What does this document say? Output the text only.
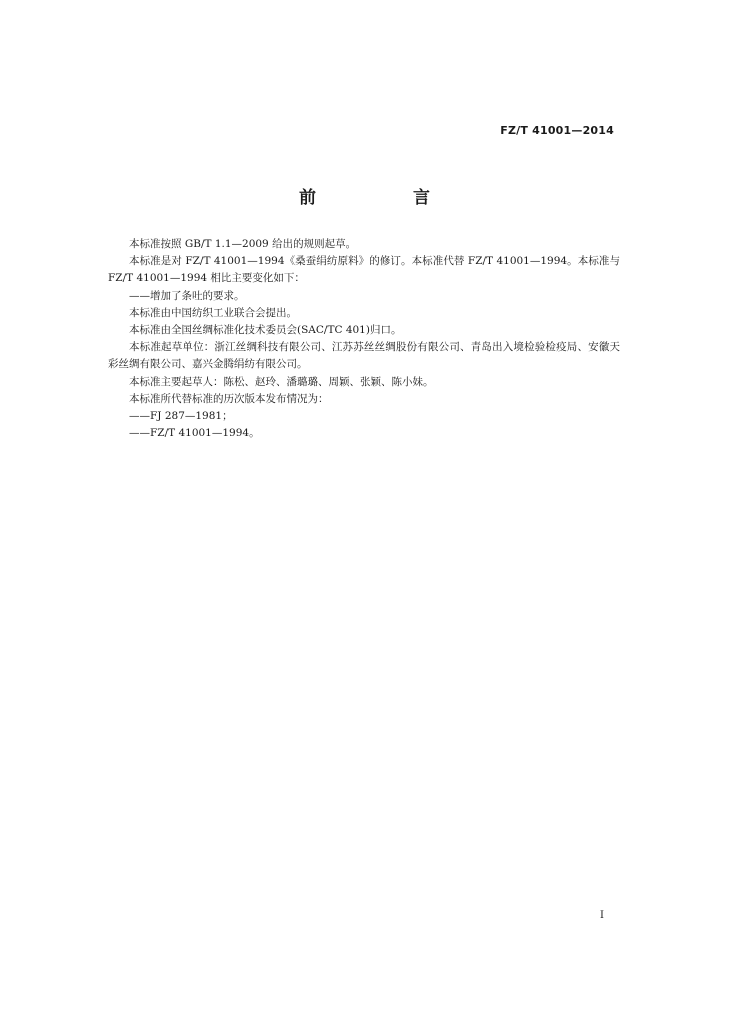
FZ/T 41001—2014
前　言

本标准按照 GB/T 1.1—2009 给出的规则起草。

本标准是对 FZ/T 41001—1994《桑蚕绢纺原料》的修订。本标准代替 FZ/T 41001—1994。本标准与 FZ/T 41001—1994 相比主要变化如下：

——增加了条吐的要求。

本标准由中国纺织工业联合会提出。

本标准由全国丝绸标准化技术委员会(SAC/TC 401)归口。

本标准起草单位：浙江丝绸科技有限公司、江苏苏丝丝绸股份有限公司、青岛出入境检验检疫局、安徽天彩丝绸有限公司、嘉兴金腾绢纺有限公司。

本标准主要起草人：陈松、赵玲、潘璐璐、周颖、张颖、陈小妹。

本标准所代替标准的历次版本发布情况为：

——FJ 287—1981；

——FZ/T 41001—1994。

I
